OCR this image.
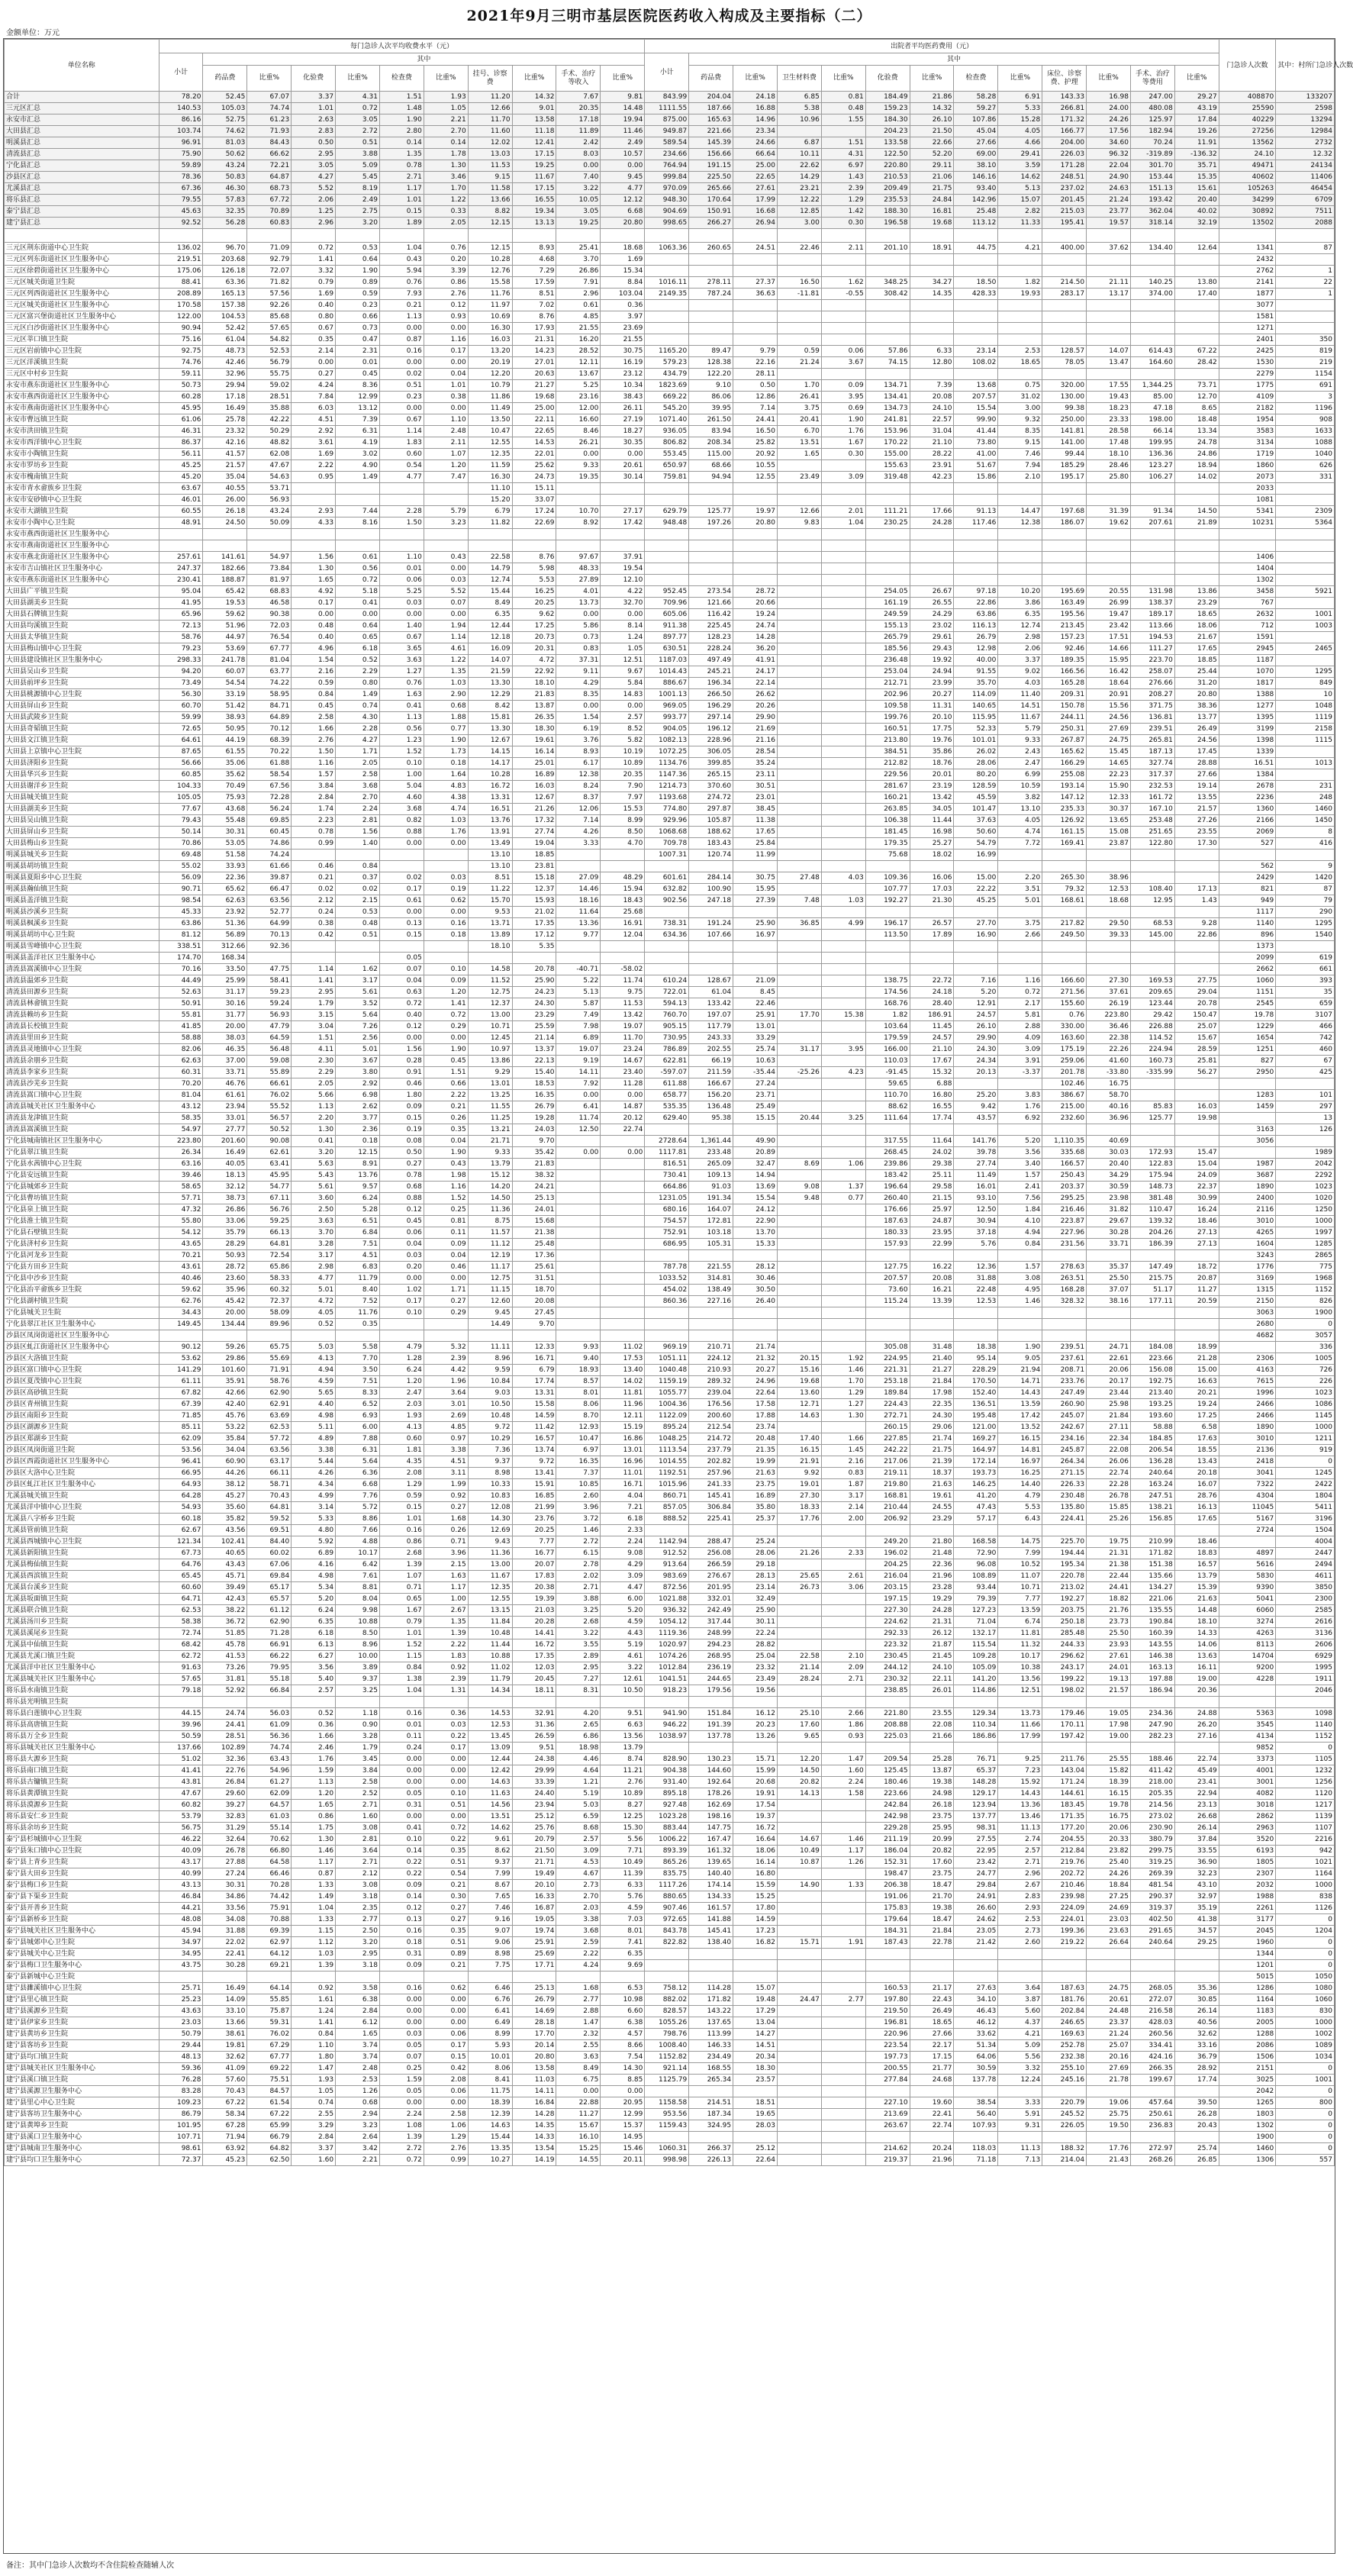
2021年9月三明市基层医院医药收入构成及主要指标（二）
金额单位：万元
单位名称	每门急诊人次平均收费水平（元）											出院者平均医药费用（元）													门急诊人次数	其中：村所门急诊人次数
	小计	其中										小计	其中													
		药品费	比重%	化验费	比重%	检查费	比重%	挂号、诊察费	比重%	手术、治疗等收入	比重%		药品费	比重%	卫生材料费	比重%	化验费	比重%	检查费	比重%	床位、诊察费、护理	比重%	手术、治疗等费用	比重%		
合计	78.20	52.45	67.07	3.37	4.31	1.51	1.93	11.20	14.32	7.67	9.81	843.99	204.04	24.18	6.85	0.81	184.49	21.86	58.28	6.91	143.33	16.98	247.00	29.27	408870	133207
三元区汇总	140.53	105.03	74.74	1.01	0.72	1.48	1.05	12.66	9.01	20.35	14.48	1111.55	187.66	16.88	5.38	0.48	159.23	14.32	59.27	5.33	266.81	24.00	480.08	43.19	25590	2598
永安市汇总	86.16	52.75	61.23	2.63	3.05	1.90	2.21	11.70	13.58	17.18	19.94	875.00	165.63	14.96	10.96	1.55	184.30	26.10	107.86	15.28	171.32	24.26	125.97	17.84	40229	13294
大田县汇总	103.74	74.62	71.93	2.83	2.72	2.80	2.70	11.60	11.18	11.89	11.46	949.87	221.66	23.34			204.23	21.50	45.04	4.05	166.77	17.56	182.94	19.26	27256	12984
明溪县汇总	96.91	81.03	84.43	0.50	0.51	0.14	0.14	12.02	12.41	2.42	2.49	589.54	145.39	24.66	6.87	1.51	133.58	22.66	27.66	4.66	204.00	34.60	70.24	11.91	13562	2732
清流县汇总	75.90	50.62	66.62	2.95	3.88	1.35	1.78	13.03	17.15	8.03	10.57	234.66	156.66	66.64	10.11	4.31	122.50	52.20	69.00	29.41	226.03	96.32	-319.89	-136.32	24.10	12.32
宁化县汇总	59.89	43.24	72.21	3.05	5.09	0.78	1.30	11.53	19.25	0.00	0.00	764.94	191.15	25.00	22.62	6.97	220.80	29.11	38.10	3.59	171.28	22.04	301.70	35.71	49471	24134
沙县区汇总	78.36	50.83	64.87	4.27	5.45	2.71	3.46	9.15	11.67	7.40	9.45	999.84	225.50	22.65	14.29	1.43	210.53	21.06	146.16	14.62	248.51	24.90	153.44	15.35	40602	11406
尤溪县汇总	67.36	46.30	68.73	5.52	8.19	1.17	1.70	11.58	17.15	3.22	4.77	970.09	265.66	27.61	23.21	2.39	209.49	21.75	93.40	5.13	237.02	24.63	151.13	15.61	105263	46454
将乐县汇总	79.55	57.83	67.72	2.06	2.49	1.01	1.22	13.66	16.55	10.05	12.12	948.30	170.64	17.99	12.22	1.29	235.53	24.84	142.96	15.07	201.45	21.24	193.42	20.40	34299	6709
泰宁县汇总	45.63	32.35	70.89	1.25	2.75	0.15	0.33	8.82	19.34	3.05	6.68	904.69	150.91	16.68	12.85	1.42	188.30	16.81	25.48	2.82	215.03	23.77	362.04	40.02	30892	7511
建宁县汇总	92.52	56.28	60.83	2.96	3.20	1.89	2.05	12.15	13.13	19.25	20.80	998.65	266.27	26.94	3.00	0.30	196.58	19.68	113.12	11.33	195.41	19.57	318.14	32.19	13502	2088

三元区荆东街道中心卫生院	136.02	96.70	71.09	0.72	0.53	1.04	0.76	12.15	8.93	25.41	18.68	1063.36	260.65	24.51	22.46	2.11	201.10	18.91	44.75	4.21	400.00	37.62	134.40	12.64	1341	87
三元区列东街道社区卫生服务中心	219.51	203.68	92.79	1.41	0.64	0.43	0.20	10.28	4.68	3.70	1.69														2432	
三元区徐碧街道社区卫生服务中心	175.06	126.18	72.07	3.32	1.90	5.94	3.39	12.76	7.29	26.86	15.34														2762	1
三元区城关街道卫生院	88.41	63.36	71.82	0.79	0.89	0.76	0.86	15.58	17.59	7.91	8.84	1016.11	278.11	27.37	16.50	1.62	348.25	34.27	18.50	1.82	214.50	21.11	140.25	13.80	2141	22
三元区列西街道社区卫生服务中心	208.89	165.13	57.56	1.69	0.59	7.93	2.76	11.76	8.51	2.96	103.04	2149.35	787.24	36.63	-11.81	-0.55	308.42	14.35	428.33	19.93	283.17	13.17	374.00	17.40	1877	1
三元区城关街道社区卫生服务中心	170.58	157.38	92.26	0.40	0.23	0.21	0.12	11.97	7.02	0.61	0.36														3077	
三元区富兴堡街道社区卫生服务中心	122.00	104.53	85.68	0.80	0.66	1.13	0.93	10.69	8.76	4.85	3.97														1581	
三元区白沙街道社区卫生服务中心	90.94	52.42	57.65	0.67	0.73	0.00	0.00	16.30	17.93	21.55	23.69														1271	
三元区莘口镇卫生院	75.16	61.04	54.82	0.35	0.47	0.87	1.16	16.03	21.31	16.20	21.55														2401	350
三元区岩前镇中心卫生院	92.75	48.73	52.53	2.14	2.31	0.16	0.17	13.20	14.23	28.52	30.75	1165.20	89.47	9.79	0.59	0.06	57.86	6.33	23.14	2.53	128.57	14.07	614.43	67.22	2425	819
三元区洋溪镇卫生院	74.76	42.46	56.79	0.00	0.01	0.00	0.00	20.19	27.01	12.11	16.19	579.23	128.38	22.16	21.24	3.67	74.15	12.80	108.02	18.65	78.05	13.47	164.60	28.42	1530	219
三元区中村乡卫生院	59.11	32.96	55.75	0.27	0.45	0.02	0.04	12.20	20.63	13.67	23.12	434.79	122.20	28.11											2279	1154
永安市燕东街道社区卫生服务中心	50.73	29.94	59.02	4.24	8.36	0.51	1.01	10.79	21.27	5.25	10.34	1823.69	9.10	0.50	1.70	0.09	134.71	7.39	13.68	0.75	320.00	17.55	1,344.25	73.71	1775	691
永安市燕西街道社区卫生服务中心	60.28	17.18	28.51	7.84	12.99	0.23	0.38	11.86	19.68	23.16	38.43	669.22	86.06	12.86	26.41	3.95	134.41	20.08	207.57	31.02	130.00	19.43	85.00	12.70	4109	3
永安市燕南街道社区卫生服务中心	45.95	16.49	35.88	6.03	13.12	0.00	0.00	11.49	25.00	12.00	26.11	545.20	39.95	7.14	3.75	0.69	134.73	24.10	15.54	3.00	99.38	18.23	47.18	8.65	2182	1196
永安市曹远镇卫生院	61.06	25.78	42.22	4.51	7.39	0.67	1.10	13.50	22.11	16.60	27.19	1071.40	261.50	24.41	20.41	1.90	241.81	22.57	99.90	9.32	250.00	23.33	198.00	18.48	1954	908
永安市洪田镇卫生院	46.31	23.32	50.29	2.92	6.31	1.14	2.48	10.47	22.65	8.46	18.27	936.05	83.94	16.50	6.70	1.76	153.96	31.04	41.44	8.35	141.81	28.58	66.14	13.34	3583	1633
永安市西洋镇中心卫生院	86.37	42.16	48.82	3.61	4.19	1.83	2.11	12.55	14.53	26.21	30.35	806.82	208.34	25.82	13.51	1.67	170.22	21.10	73.80	9.15	141.00	17.48	199.95	24.78	3134	1088
永安市小陶镇卫生院	56.11	41.57	62.08	1.69	3.02	0.60	1.07	12.35	22.01	0.00	0.00	553.45	115.00	20.92	1.65	0.30	155.00	28.22	41.00	7.46	99.44	18.10	136.36	24.86	1719	1040
永安市罗坊乡卫生院	45.25	21.57	47.67	2.22	4.90	0.54	1.20	11.59	25.62	9.33	20.61	650.97	68.66	10.55			155.63	23.91	51.67	7.94	185.29	28.46	123.27	18.94	1860	626
永安市槐南镇卫生院	45.20	35.04	54.63	0.95	1.49	4.77	7.47	16.30	24.73	19.35	30.14	759.81	94.94	12.55	23.49	3.09	319.48	42.23	15.86	2.10	195.17	25.80	106.27	14.02	2073	331
永安市青水畲族乡卫生院	63.67	40.55	53.71					11.10	15.11																2033	
永安市安砂镇中心卫生院	46.01	26.00	56.93					15.20	33.07																1081	
永安市大湖镇卫生院	60.55	26.18	43.24	2.93	7.44	2.28	5.79	6.79	17.24	10.70	27.17	629.79	125.77	19.97	12.66	2.01	111.21	17.66	91.13	14.47	197.68	31.39	91.34	14.50	5341	2309
永安市小陶中心卫生院	48.91	24.50	50.09	4.33	8.16	1.50	3.23	11.82	22.69	8.92	17.42	948.48	197.26	20.80	9.83	1.04	230.25	24.28	117.46	12.38	186.07	19.62	207.61	21.89	10231	5364
永安市燕西街道社区卫生服务中心																										
永安市燕南街道社区卫生服务中心																										
永安市燕北街道社区卫生服务中心	257.61	141.61	54.97	1.56	0.61	1.10	0.43	22.58	8.76	97.67	37.91														1406	
永安市吉山镇社区卫生服务中心	247.37	182.66	73.84	1.30	0.56	0.01	0.00	14.79	5.98	48.33	19.54														1404	
永安市燕东街道社区卫生服务中心	230.41	188.87	81.97	1.65	0.72	0.06	0.03	12.74	5.53	27.89	12.10														1302	
大田县广平镇卫生院	95.04	65.42	68.83	4.92	5.18	5.25	5.52	15.44	16.25	4.01	4.22	952.45	273.54	28.72			254.05	26.67	97.18	10.20	195.69	20.55	131.98	13.86	3458	5921
大田县湖美乡卫生院	41.95	19.53	46.58	0.17	0.41	0.03	0.07	8.49	20.25	13.73	32.70	709.96	121.66	20.66			161.19	26.55	22.86	3.86	163.49	26.99	138.37	23.29	767	
大田县石牌镇卫生院	65.96	59.62	90.38	0.00	0.00	0.00	0.00	6.35	9.62	0.00	0.00	605.06	116.42	19.24			249.59	24.29	63.86	6.35	195.56	19.47	189.17	18.65	2632	1001
大田县均溪镇卫生院	72.13	51.96	72.03	0.48	0.64	1.40	1.94	12.44	17.25	5.86	8.14	911.38	225.45	24.74			155.13	23.02	116.13	12.74	213.45	23.42	113.66	18.06	712	1003
大田县太华镇卫生院	58.76	44.97	76.54	0.40	0.65	0.67	1.14	12.18	20.73	0.73	1.24	897.77	128.23	14.28			265.79	29.61	26.79	2.98	157.23	17.51	194.53	21.67	1591	
大田县梅山镇中心卫生院	79.23	53.69	67.77	4.96	6.18	3.65	4.61	16.09	20.31	0.83	1.05	630.51	228.24	36.20			185.56	29.43	12.98	2.06	92.46	14.66	111.27	17.65	2945	2465
大田县建设镇社区卫生服务中心	298.33	241.78	81.04	1.54	0.52	3.63	1.22	14.07	4.72	37.31	12.51	1187.03	497.49	41.91			236.48	19.92	40.00	3.37	189.35	15.95	223.70	18.85	1187	
大田县吴山乡卫生院	94.20	60.07	63.77	2.16	2.29	1.27	1.35	21.59	22.92	9.11	9.67	1014.43	245.21	24.17			253.04	24.94	91.55	9.02	166.56	16.42	258.07	25.44	1070	1295
大田县前坪乡卫生院	73.49	54.54	74.22	0.59	0.80	0.76	1.03	13.30	18.10	4.29	5.84	886.67	196.34	22.14			212.71	23.99	35.70	4.03	165.28	18.64	276.66	31.20	1817	849
大田县桃源镇中心卫生院	56.30	33.19	58.95	0.84	1.49	1.63	2.90	12.29	21.83	8.35	14.83	1001.13	266.50	26.62			202.96	20.27	114.09	11.40	209.31	20.91	208.27	20.80	1388	10
大田县屏山乡卫生院	60.70	51.42	84.71	0.45	0.74	0.41	0.68	8.42	13.87	0.00	0.00	969.05	196.29	20.26			109.58	11.31	140.65	14.51	150.78	15.56	371.75	38.36	1277	1048
大田县武陵乡卫生院	59.99	38.93	64.89	2.58	4.30	1.13	1.88	15.81	26.35	1.54	2.57	993.77	297.14	29.90			199.76	20.10	115.95	11.67	244.11	24.56	136.81	13.77	1395	1119
大田县奇韬镇卫生院	72.65	50.95	70.12	1.66	2.28	0.56	0.77	13.30	18.30	6.19	8.52	904.05	196.12	21.69			160.51	17.75	52.33	5.79	250.31	27.69	239.51	26.49	3199	2158
大田县文江镇卫生院	64.61	44.19	68.39	2.76	4.27	1.23	1.90	12.67	19.61	3.76	5.82	1082.13	228.96	21.16			213.80	19.76	101.01	9.33	267.87	24.75	265.81	24.56	1398	1115
大田县上京镇中心卫生院	87.65	61.55	70.22	1.50	1.71	1.52	1.73	14.15	16.14	8.93	10.19	1072.25	306.05	28.54			384.51	35.86	26.02	2.43	165.62	15.45	187.13	17.45	1339	
大田县济阳乡卫生院	56.66	35.06	61.88	1.16	2.05	0.10	0.18	14.17	25.01	6.17	10.89	1134.76	399.85	35.24			212.82	18.76	28.06	2.47	166.29	14.65	327.74	28.88	16.51	1013
大田县华兴乡卫生院	60.85	35.62	58.54	1.57	2.58	1.00	1.64	10.28	16.89	12.38	20.35	1147.36	265.15	23.11			229.56	20.01	80.20	6.99	255.08	22.23	317.37	27.66	1384	
大田县谢洋乡卫生院	104.33	70.49	67.56	3.84	3.68	5.04	4.83	16.72	16.03	8.24	7.90	1214.73	370.60	30.51			281.67	23.19	128.59	10.59	193.14	15.90	232.53	19.14	2678	231
大田县城关镇卫生院	105.05	75.93	72.28	2.84	2.70	4.60	4.38	13.31	12.67	8.37	7.97	1193.68	274.72	23.01			160.21	13.42	45.59	3.82	147.12	12.33	161.72	13.55	2236	248
大田县湖美乡卫生院	77.67	43.68	56.24	1.74	2.24	3.68	4.74	16.51	21.26	12.06	15.53	774.80	297.87	38.45			263.85	34.05	101.47	13.10	235.33	30.37	167.10	21.57	1360	1460
大田县吴山镇卫生院	79.43	55.48	69.85	2.23	2.81	0.82	1.03	13.76	17.32	7.14	8.99	929.96	105.87	11.38			106.38	11.44	37.63	4.05	126.92	13.65	253.48	27.26	2166	1450
大田县屏山乡卫生院	50.14	30.31	60.45	0.78	1.56	0.88	1.76	13.91	27.74	4.26	8.50	1068.68	188.62	17.65			181.45	16.98	50.60	4.74	161.15	15.08	251.65	23.55	2069	8
大田县梅山乡卫生院	70.86	53.05	74.86	0.99	1.40	0.00	0.00	13.49	19.04	3.33	4.70	709.78	183.43	25.84			179.35	25.27	54.79	7.72	169.41	23.87	122.80	17.30	527	416
明溪县城关乡卫生院	69.48	51.58	74.24					13.10	18.85			1007.31	120.74	11.99			75.68	18.02	16.99							
明溪县胡坊镇卫生院	55.02	33.93	61.66	0.46	0.84			13.10	23.81																562	9
明溪县夏阳乡中心卫生院	56.09	22.36	39.87	0.21	0.37	0.02	0.03	8.51	15.18	27.09	48.29	601.61	284.14	30.75	27.48	4.03	109.36	16.06	15.00	2.20	265.30	38.96			2429	1420
明溪县瀚仙镇卫生院	90.71	65.62	66.47	0.02	0.02	0.17	0.19	11.22	12.37	14.46	15.94	632.82	100.90	15.95			107.77	17.03	22.22	3.51	79.32	12.53	108.40	17.13	821	87
明溪县盖洋镇卫生院	98.54	62.63	63.56	2.12	2.15	0.61	0.62	15.70	15.93	18.16	18.43	902.56	247.18	27.39	7.48	1.03	192.27	21.30	45.25	5.01	168.61	18.68	12.95	1.43	949	79
明溪县沙溪乡卫生院	45.33	23.92	52.77	0.24	0.53	0.00	0.00	9.53	21.02	11.64	25.68														1117	290
明溪县枫溪乡卫生院	63.86	51.36	64.99	0.38	0.48	0.13	0.16	13.71	17.35	13.36	16.91	738.31	191.24	25.90	36.85	4.99	196.17	26.57	27.70	3.75	217.82	29.50	68.53	9.28	1140	1295
明溪县胡坊中心卫生院	81.12	56.89	70.13	0.42	0.51	0.15	0.18	13.89	17.12	9.77	12.04	634.36	107.66	16.97			113.50	17.89	16.90	2.66	249.50	39.33	145.00	22.86	896	1540
明溪县雪峰镇中心卫生院	338.51	312.66	92.36					18.10	5.35																1373	
明溪县盖洋社区卫生服务中心	174.70	168.34				0.05																			2099	619
清流县嵩溪镇中心卫生院	70.16	33.50	47.75	1.14	1.62	0.07	0.10	14.58	20.78	-40.71	-58.02														2662	661
清流县温郊乡卫生院	44.49	25.99	58.41	1.41	3.17	0.04	0.09	11.52	25.90	5.22	11.74	610.24	128.67	21.09			138.75	22.72	7.16	1.16	166.60	27.30	169.53	27.75	1060	393
清流县田源乡卫生院	52.63	31.17	59.23	2.95	5.61	0.63	1.20	12.75	24.23	5.13	9.75	722.01	61.04	8.45			174.56	24.18	5.20	0.72	271.56	37.61	209.65	29.04	1151	35
清流县林畲镇卫生院	50.91	30.16	59.24	1.79	3.52	0.72	1.41	12.37	24.30	5.87	11.53	594.13	133.42	22.46			168.76	28.40	12.91	2.17	155.60	26.19	123.44	20.78	2545	659
清流县赖坊乡卫生院	55.81	31.77	56.93	3.15	5.64	0.40	0.72	13.00	23.29	7.49	13.42	760.70	197.07	25.91	17.70	15.38	1.82	186.91	24.57	5.81	0.76	223.80	29.42	150.47	19.78	3107
清流县长校镇卫生院	41.85	20.00	47.79	3.04	7.26	0.12	0.29	10.71	25.59	7.98	19.07	905.15	117.79	13.01			103.64	11.45	26.10	2.88	330.00	36.46	226.88	25.07	1229	466
清流县里田乡卫生院	58.88	38.03	64.59	1.51	2.56	0.00	0.00	12.45	21.14	6.89	11.70	730.95	243.33	33.29			179.59	24.57	29.90	4.09	163.60	22.38	114.52	15.67	1654	742
清流县灵地镇中心卫生院	82.06	46.35	56.48	4.11	5.01	1.56	1.90	10.97	13.37	19.07	23.24	786.89	202.55	25.74	31.17	3.95	166.00	21.10	24.30	3.09	175.19	22.26	224.94	28.59	1251	460
清流县余朋乡卫生院	62.63	37.00	59.08	2.30	3.67	0.28	0.45	13.86	22.13	9.19	14.67	622.81	66.19	10.63			110.03	17.67	24.34	3.91	259.06	41.60	160.73	25.81	827	67
清流县李家乡卫生院	60.31	33.71	55.89	2.29	3.80	0.91	1.51	9.29	15.40	14.11	23.40	-597.07	211.59	-35.44	-25.26	4.23	-91.45	15.32	20.13	-3.37	201.78	-33.80	-335.99	56.27	2950	425
清流县沙芜乡卫生院	70.20	46.76	66.61	2.05	2.92	0.46	0.66	13.01	18.53	7.92	11.28	611.88	166.67	27.24			59.65	6.88			102.46	16.75				
清流县嵩口镇中心卫生院	81.04	61.61	76.02	5.66	6.98	1.80	2.22	13.25	16.35	0.00	0.00	658.77	156.20	23.71			110.70	16.80	25.20	3.83	386.67	58.70			1283	101
清流县城关社区卫生服务中心	43.12	23.94	55.52	1.13	2.62	0.09	0.21	11.55	26.79	6.41	14.87	535.35	136.48	25.49			88.62	16.55	9.42	1.76	215.00	40.16	85.83	16.03	1459	297
清流县龙津镇卫生院	58.35	33.01	56.57	2.20	3.77	0.15	0.26	11.25	19.28	11.74	20.12	629.40	95.38	15.15	20.44	3.25	111.64	17.74	43.57	6.92	232.60	36.96	125.77	19.98		13
清流县嵩溪镇卫生院	54.97	27.77	50.52	1.30	2.36	0.19	0.35	13.21	24.03	12.50	22.74														3163	126
宁化县城南镇社区卫生服务中心	223.80	201.60	90.08	0.41	0.18	0.08	0.04	21.71	9.70			2728.64	1,361.44	49.90			317.55	11.64	141.76	5.20	1,110.35	40.69			3056	
宁化县翠江镇卫生院	26.34	16.49	62.61	3.20	12.15	0.50	1.90	9.33	35.42	0.00	0.00	1117.81	233.48	20.89			268.45	24.02	39.78	3.56	335.68	30.03	172.93	15.47		1989
宁化县水茜镇中心卫生院	63.16	40.05	63.41	5.63	8.91	0.27	0.43	13.79	21.83			816.51	265.09	32.47	8.69	1.06	239.86	29.38	27.74	3.40	166.57	20.40	122.83	15.04	1987	2042
宁化县安远镇卫生院	39.46	18.13	45.95	5.43	13.76	0.78	1.98	15.12	38.32			730.41	109.13	14.94			183.42	25.11	11.49	1.57	250.43	34.29	175.94	24.09	3687	2292
宁化县城郊乡卫生院	58.65	32.12	54.77	5.61	9.57	0.68	1.16	14.20	24.21			664.86	91.03	13.69	9.08	1.37	196.64	29.58	16.01	2.41	203.37	30.59	148.73	22.37	1890	1023
宁化县曹坊镇卫生院	57.71	38.73	67.11	3.60	6.24	0.88	1.52	14.50	25.13			1231.05	191.34	15.54	9.48	0.77	260.40	21.15	93.10	7.56	295.25	23.98	381.48	30.99	2400	1020
宁化县泉上镇卫生院	47.32	26.86	56.76	2.50	5.28	0.12	0.25	11.36	24.01			680.16	164.07	24.12			176.66	25.97	12.50	1.84	216.46	31.82	110.47	16.24	2116	1250
宁化县淮土镇卫生院	55.80	33.06	59.25	3.63	6.51	0.45	0.81	8.75	15.68			754.57	172.81	22.90			187.63	24.87	30.94	4.10	223.87	29.67	139.32	18.46	3010	1000
宁化县石壁镇卫生院	54.12	35.79	66.13	3.70	6.84	0.06	0.11	11.57	21.38			752.91	103.18	13.70			180.33	23.95	37.18	4.94	227.96	30.28	204.26	27.13	4265	1997
宁化县济村乡卫生院	43.65	28.29	64.81	3.28	7.51	0.04	0.09	11.12	25.48			686.95	105.31	15.33			157.93	22.99	5.76	0.84	231.56	33.71	186.39	27.13	1604	1285
宁化县河龙乡卫生院	70.21	50.93	72.54	3.17	4.51	0.03	0.04	12.19	17.36																3243	2865
宁化县方田乡卫生院	43.61	28.72	65.86	2.98	6.83	0.20	0.46	11.17	25.61			787.78	221.55	28.12			127.75	16.22	12.36	1.57	278.63	35.37	147.49	18.72	1776	775
宁化县中沙乡卫生院	40.46	23.60	58.33	4.77	11.79	0.00	0.00	12.75	31.51			1033.52	314.81	30.46			207.57	20.08	31.88	3.08	263.51	25.50	215.75	20.87	3169	1968
宁化县治平畲族乡卫生院	59.62	35.96	60.32	5.01	8.40	1.02	1.71	11.15	18.70			454.02	138.49	30.50			73.60	16.21	22.48	4.95	168.28	37.07	51.17	11.27	1315	1152
宁化县湖村镇卫生院	62.76	45.42	72.37	4.72	7.52	0.17	0.27	12.60	20.08			860.36	227.16	26.40			115.24	13.39	12.53	1.46	328.32	38.16	177.11	20.59	2150	826
宁化县城关卫生院	34.43	20.00	58.09	4.05	11.76	0.10	0.29	9.45	27.45																3063	1900
宁化县翠江社区卫生服务中心	149.45	134.44	89.96	0.52	0.35			14.49	9.70																2680	0
沙县区凤岗街道社区卫生服务中心																									4682	3057
沙县区虬江街道社区卫生服务中心	90.12	59.26	65.75	5.03	5.58	4.79	5.32	11.11	12.33	9.93	11.02	969.19	210.71	21.74			305.08	31.48	18.38	1.90	239.51	24.71	184.08	18.99		336
沙县区大洛镇卫生院	53.62	29.86	55.69	4.13	7.70	1.28	2.39	8.96	16.71	9.40	17.53	1051.11	224.12	21.32	20.15	1.92	224.95	21.40	95.14	9.05	237.61	22.61	223.66	21.28	2306	1005
沙县区富口镇中心卫生院	141.29	101.60	71.91	4.94	3.50	6.24	4.42	9.59	6.79	18.93	13.40	1040.48	210.93	20.27	15.16	1.46	221.31	21.27	228.29	21.94	208.71	20.06	156.08	15.00	4163	726
沙县区夏茂镇中心卫生院	61.11	35.91	58.76	4.59	7.51	1.20	1.96	10.84	17.74	8.57	14.02	1159.19	289.32	24.96	19.68	1.70	253.18	21.84	170.50	14.71	233.76	20.17	192.75	16.63	7615	226
沙县区高砂镇卫生院	67.82	42.66	62.90	5.65	8.33	2.47	3.64	9.03	13.31	8.01	11.81	1055.77	239.04	22.64	13.60	1.29	189.84	17.98	152.40	14.43	247.49	23.44	213.40	20.21	1996	1023
沙县区青州镇卫生院	67.39	42.40	62.91	4.40	6.52	2.03	3.01	10.50	15.58	8.06	11.96	1004.36	176.56	17.58	12.71	1.27	224.43	22.35	136.51	13.59	260.90	25.98	193.25	19.24	2466	1086
沙县区南阳乡卫生院	71.85	45.76	63.69	4.98	6.93	1.93	2.69	10.48	14.59	8.70	12.11	1122.09	200.60	17.88	14.63	1.30	272.71	24.30	195.48	17.42	245.07	21.84	193.60	17.25	2466	1145
沙县区湖源乡卫生院	85.11	53.22	62.53	5.11	6.00	4.13	4.85	9.72	11.42	12.93	15.19	895.24	212.54	23.74			260.15	29.06	121.00	13.52	242.67	27.11	58.88	6.58	1890	1000
沙县区郑湖乡卫生院	62.09	35.84	57.72	4.89	7.88	0.60	0.97	10.29	16.57	10.47	16.86	1048.25	214.72	20.48	17.40	1.66	227.85	21.74	169.27	16.15	234.16	22.34	184.85	17.63	3010	1211
沙县区凤岗街道卫生院	53.56	34.04	63.56	3.38	6.31	1.81	3.38	7.36	13.74	6.97	13.01	1113.54	237.79	21.35	16.15	1.45	242.22	21.75	164.97	14.81	245.87	22.08	206.54	18.55	2136	919
沙县区西霞街道社区卫生服务中心	96.41	60.90	63.17	5.44	5.64	4.35	4.51	9.37	9.72	16.35	16.96	1014.55	202.82	19.99	21.91	2.16	217.06	21.39	172.14	16.97	264.34	26.06	136.28	13.43	2418	0
沙县区大洛中心卫生院	66.95	44.26	66.11	4.26	6.36	2.08	3.11	8.98	13.41	7.37	11.01	1192.51	257.96	21.63	9.92	0.83	219.11	18.37	193.73	16.25	271.15	22.74	240.64	20.18	3041	1245
沙县区虬江社区卫生服务中心	64.93	38.12	58.71	4.34	6.68	1.29	1.99	10.33	15.91	10.85	16.71	1015.96	241.33	23.75	19.01	1.87	219.80	21.63	146.25	14.40	226.33	22.28	163.24	16.07	7322	2422
尤溪县城关镇卫生院	64.28	45.27	70.43	4.99	7.76	0.59	0.92	10.83	16.85	2.60	4.04	860.71	145.41	16.89	27.30	3.17	168.81	19.61	41.20	4.79	230.48	26.78	247.51	28.76	4304	1804
尤溪县洋中镇中心卫生院	54.93	35.60	64.81	3.14	5.72	0.15	0.27	12.08	21.99	3.96	7.21	857.05	306.84	35.80	18.33	2.14	210.44	24.55	47.43	5.53	135.80	15.85	138.21	16.13	11045	5411
尤溪县八字桥乡卫生院	60.18	35.82	59.52	5.33	8.86	1.01	1.68	14.30	23.76	3.72	6.18	888.52	225.41	25.37	17.76	2.00	206.92	23.29	57.17	6.43	224.41	25.26	156.85	17.65	5167	3196
尤溪县管前镇卫生院	62.67	43.56	69.51	4.80	7.66	0.16	0.26	12.69	20.25	1.46	2.33														2724	1504
尤溪县西城镇中心卫生院	121.34	102.41	84.40	5.92	4.88	0.86	0.71	9.43	7.77	2.72	2.24	1142.94	288.47	25.24			249.20	21.80	168.58	14.75	225.70	19.75	210.99	18.46		4004
尤溪县新阳镇卫生院	67.73	40.65	60.02	6.89	10.17	2.68	3.96	11.36	16.77	6.15	9.08	912.52	256.08	28.06	21.26	2.33	196.02	21.48	72.90	7.99	194.44	21.31	171.82	18.83	4897	2447
尤溪县梅仙镇卫生院	64.76	43.43	67.06	4.16	6.42	1.39	2.15	13.00	20.07	2.78	4.29	913.64	266.59	29.18			204.25	22.36	96.08	10.52	195.34	21.38	151.38	16.57	5616	2494
尤溪县西滨镇卫生院	65.45	45.71	69.84	4.98	7.61	1.07	1.63	11.67	17.83	2.02	3.09	983.69	276.67	28.13	25.65	2.61	216.04	21.96	108.89	11.07	220.78	22.44	135.66	13.79	5830	4611
尤溪县台溪乡卫生院	60.60	39.49	65.17	5.34	8.81	0.71	1.17	12.35	20.38	2.71	4.47	872.56	201.95	23.14	26.73	3.06	203.15	23.28	93.44	10.71	213.02	24.41	134.27	15.39	9390	3850
尤溪县坂面镇卫生院	64.71	42.43	65.57	5.20	8.04	0.65	1.00	12.55	19.39	3.88	6.00	1021.88	332.01	32.49			197.15	19.29	79.39	7.77	192.27	18.82	221.06	21.63	5041	2300
尤溪县联合镇卫生院	62.53	38.22	61.12	6.24	9.98	1.67	2.67	13.15	21.03	3.25	5.20	936.32	242.49	25.90			227.30	24.28	127.23	13.59	203.75	21.76	135.55	14.48	6060	2585
尤溪县汤川乡卫生院	58.38	36.72	62.90	6.35	10.88	0.79	1.35	11.84	20.28	2.68	4.59	1054.12	317.44	30.11			224.62	21.31	71.04	6.74	250.18	23.73	190.84	18.10	3274	2616
尤溪县溪尾乡卫生院	72.74	51.85	71.28	6.18	8.50	1.01	1.39	10.48	14.41	3.22	4.43	1119.36	248.99	22.24			292.33	26.12	132.17	11.81	285.48	25.50	160.39	14.33	4263	3136
尤溪县中仙镇卫生院	68.42	45.78	66.91	6.13	8.96	1.52	2.22	11.44	16.72	3.55	5.19	1020.97	294.23	28.82			223.32	21.87	115.54	11.32	244.33	23.93	143.55	14.06	8113	2606
尤溪县尤溪口镇卫生院	62.72	41.53	66.22	6.27	10.00	1.15	1.83	10.88	17.35	2.89	4.61	1074.26	268.95	25.04	22.58	2.10	230.45	21.45	109.28	10.17	296.62	27.61	146.38	13.63	14704	6929
尤溪县洋中社区卫生服务中心	91.63	73.26	79.95	3.56	3.89	0.84	0.92	11.02	12.03	2.95	3.22	1012.84	236.19	23.32	21.14	2.09	244.12	24.10	105.09	10.38	243.17	24.01	163.13	16.11	9200	1995
尤溪县城关社区卫生服务中心	57.65	31.81	55.18	5.40	9.37	1.38	2.39	11.79	20.45	7.27	12.61	1041.51	244.65	23.49	28.24	2.71	230.32	22.11	141.20	13.56	199.22	19.13	197.88	19.00	4228	1911
将乐县水南镇卫生院	79.18	52.92	66.84	2.57	3.25	1.04	1.31	14.34	18.11	8.31	10.50	918.23	179.56	19.56			238.85	26.01	114.86	12.51	198.02	21.57	186.94	20.36		2046
将乐县光明镇卫生院																										
将乐县白莲镇中心卫生院	44.15	24.74	56.03	0.52	1.18	0.16	0.36	14.53	32.91	4.20	9.51	941.90	151.84	16.12	25.10	2.66	221.80	23.55	129.34	13.73	179.46	19.05	234.36	24.88	5363	1098
将乐县高唐镇卫生院	39.96	24.41	61.09	0.36	0.90	0.01	0.03	12.53	31.36	2.65	6.63	946.22	191.39	20.23	17.60	1.86	208.88	22.08	110.34	11.66	170.11	17.98	247.90	26.20	3545	1140
将乐县万全乡卫生院	50.59	28.51	56.36	1.66	3.28	0.11	0.22	13.45	26.59	6.86	13.56	1038.97	137.78	13.26	9.65	0.93	225.03	21.66	186.86	17.99	197.42	19.00	282.23	27.16	4134	1152
将乐县城关社区卫生服务中心	137.66	102.89	74.74	2.46	1.79	0.24	0.17	13.09	9.51	18.98	13.79														9852	0
将乐县大源乡卫生院	51.02	32.36	63.43	1.76	3.45	0.00	0.00	12.44	24.38	4.46	8.74	828.90	130.23	15.71	12.20	1.47	209.54	25.28	76.71	9.25	211.76	25.55	188.46	22.74	3373	1105
将乐县南口镇卫生院	41.41	22.76	54.96	1.59	3.84	0.00	0.00	12.42	29.99	4.64	11.21	904.38	144.60	15.99	14.50	1.60	125.45	13.87	65.37	7.23	143.04	15.82	411.42	45.49	4001	1232
将乐县古镛镇卫生院	43.81	26.84	61.27	1.13	2.58	0.00	0.00	14.63	33.39	1.21	2.76	931.40	192.64	20.68	20.82	2.24	180.46	19.38	148.28	15.92	171.24	18.39	218.00	23.41	3001	1256
将乐县黄潭镇卫生院	47.67	29.60	62.09	1.20	2.52	0.05	0.10	11.63	24.40	5.19	10.89	895.18	178.26	19.91	14.13	1.58	223.66	24.98	129.17	14.43	144.61	16.15	205.35	22.94	4082	1120
将乐县漠源乡卫生院	60.82	39.27	64.57	1.65	2.71	0.31	0.51	14.56	23.94	5.03	8.27	927.48	162.69	17.54			242.84	26.18	123.94	13.36	183.45	19.78	214.56	23.13	3018	1217
将乐县安仁乡卫生院	53.79	32.83	61.03	0.86	1.60	0.00	0.00	13.51	25.12	6.59	12.25	1023.28	198.16	19.37			242.98	23.75	137.77	13.46	171.35	16.75	273.02	26.68	2862	1139
将乐县余坊乡卫生院	56.75	31.29	55.14	1.75	3.08	0.41	0.72	14.62	25.76	8.68	15.30	883.44	147.75	16.72			229.28	25.95	98.31	11.13	177.20	20.06	230.90	26.14	2963	1107
泰宁县杉城镇中心卫生院	46.22	32.64	70.62	1.30	2.81	0.10	0.22	9.61	20.79	2.57	5.56	1006.22	167.47	16.64	14.67	1.46	211.19	20.99	27.55	2.74	204.55	20.33	380.79	37.84	3520	2216
泰宁县朱口镇中心卫生院	40.09	26.78	66.80	1.46	3.64	0.14	0.35	8.62	21.50	3.09	7.71	893.39	161.32	18.06	10.49	1.17	186.04	20.82	22.95	2.57	212.84	23.82	299.75	33.55	6193	942
泰宁县上青乡卫生院	43.17	27.88	64.58	1.17	2.71	0.22	0.51	9.37	21.71	4.53	10.49	865.26	139.65	16.14	10.87	1.26	152.31	17.60	23.42	2.71	219.76	25.40	319.25	36.90	1805	1021
泰宁县大田乡卫生院	40.99	27.24	66.46	0.87	2.12	0.22	0.54	7.99	19.49	4.67	11.39	835.75	140.40	16.80			198.47	23.75	24.77	2.96	202.72	24.26	269.39	32.23	2307	1164
泰宁县梅口乡卫生院	43.13	30.31	70.28	1.33	3.08	0.09	0.21	8.67	20.10	2.73	6.33	1117.26	174.14	15.59	14.90	1.33	206.38	18.47	29.84	2.67	210.46	18.84	481.54	43.10	2032	1000
泰宁县下渠乡卫生院	46.84	34.86	74.42	1.49	3.18	0.14	0.30	7.65	16.33	2.70	5.76	880.65	134.33	15.25			191.06	21.70	24.91	2.83	239.98	27.25	290.37	32.97	1988	838
泰宁县开善乡卫生院	44.21	33.56	75.91	1.04	2.35	0.12	0.27	7.46	16.87	2.03	4.59	907.46	161.57	17.80			175.83	19.38	26.60	2.93	224.09	24.69	319.37	35.19	2261	1126
泰宁县新桥乡卫生院	48.08	34.08	70.88	1.33	2.77	0.13	0.27	9.16	19.05	3.38	7.03	972.65	141.88	14.59			179.64	18.47	24.62	2.53	224.01	23.03	402.50	41.38	3177	0
泰宁县城关社区卫生服务中心	45.94	31.88	69.39	1.15	2.50	0.16	0.35	9.07	19.74	3.68	8.01	843.78	145.41	17.23			184.31	21.84	23.05	2.73	199.36	23.63	291.65	34.57	2045	1204
泰宁县城郊中心卫生院	34.97	22.02	62.97	1.12	3.20	0.18	0.51	9.06	25.91	2.59	7.41	822.82	138.40	16.82	15.71	1.91	187.43	22.78	21.42	2.60	219.22	26.64	240.64	29.25	1960	0
泰宁县城关中心卫生院	34.95	22.41	64.12	1.03	2.95	0.31	0.89	8.98	25.69	2.22	6.35														1344	0
泰宁县梅口卫生服务中心	43.75	30.28	69.21	1.39	3.18	0.09	0.21	7.75	17.71	4.24	9.69														1201	0
泰宁县新城中心卫生院																									5015	1050
建宁县濉溪镇中心卫生院	25.71	16.49	64.14	0.92	3.58	0.16	0.62	6.46	25.13	1.68	6.53	758.12	114.28	15.07			160.53	21.17	27.63	3.64	187.63	24.75	268.05	35.36	1286	1080
建宁县里心镇卫生院	25.23	14.09	55.85	1.61	6.38	0.00	0.00	6.76	26.79	2.77	10.98	882.02	171.82	19.48	24.47	2.77	197.80	22.43	34.10	3.87	181.76	20.61	272.07	30.85	1164	1060
建宁县溪源乡卫生院	43.63	33.10	75.87	1.24	2.84	0.00	0.00	6.41	14.69	2.88	6.60	828.57	143.22	17.29			219.50	26.49	46.43	5.60	202.84	24.48	216.58	26.14	1183	830
建宁县伊家乡卫生院	23.03	13.66	59.31	1.41	6.12	0.00	0.00	6.49	28.18	1.47	6.38	1055.26	137.65	13.04			196.81	18.65	46.12	4.37	246.65	23.37	428.03	40.56	2005	1000
建宁县黄坊乡卫生院	50.79	38.61	76.02	0.84	1.65	0.03	0.06	8.99	17.70	2.32	4.57	798.76	113.99	14.27			220.96	27.66	33.62	4.21	169.63	21.24	260.56	32.62	1288	1002
建宁县客坊乡卫生院	29.44	19.81	67.29	1.10	3.74	0.05	0.17	5.93	20.14	2.55	8.66	1008.40	146.33	14.51			223.54	22.17	51.34	5.09	252.78	25.07	334.41	33.16	2086	1089
建宁县均口镇卫生院	48.13	32.62	67.77	1.80	3.74	0.07	0.15	10.01	20.80	3.63	7.54	1152.82	234.49	20.34			197.73	17.15	64.06	5.56	232.38	20.16	424.16	36.79	1506	1034
建宁县城关社区卫生服务中心	59.36	41.09	69.22	1.47	2.48	0.25	0.42	8.06	13.58	8.49	14.30	921.14	168.55	18.30			200.55	21.77	30.59	3.32	255.10	27.69	266.35	28.92	2151	0
建宁县溪口镇卫生院	76.28	57.60	75.51	1.93	2.53	1.59	2.08	8.41	11.03	6.75	8.85	1125.79	265.34	23.57			277.84	24.68	137.78	12.24	245.16	21.78	199.67	17.74	3025	1001
建宁县溪源卫生服务中心	83.28	70.43	84.57	1.05	1.26	0.05	0.06	11.75	14.11	0.00	0.00														2042	0
建宁县里心中心卫生院	109.23	67.22	61.54	0.74	0.68	0.00	0.00	18.39	16.84	22.88	20.95	1158.58	214.51	18.51			227.10	19.60	38.54	3.33	220.79	19.06	457.64	39.50	1265	800
建宁县客坊卫生服务中心	86.79	58.34	67.22	2.55	2.94	2.24	2.58	12.39	14.28	11.27	12.99	953.56	187.34	19.65			213.69	22.41	56.40	5.91	245.52	25.75	250.61	26.28	1803	0
建宁县黄埠乡卫生院	101.95	67.28	65.99	3.29	3.23	1.08	1.06	14.63	14.35	15.67	15.37	1159.43	324.95	28.03			263.67	22.74	107.93	9.31	226.05	19.50	236.83	20.43	1302	0
建宁县溪口卫生服务中心	107.71	71.94	66.79	2.84	2.64	1.39	1.29	15.44	14.33	16.10	14.95														1900	0
建宁县城南卫生服务中心	98.61	63.92	64.82	3.37	3.42	2.72	2.76	13.35	13.54	15.25	15.46	1060.31	266.37	25.12			214.62	20.24	118.03	11.13	188.32	17.76	272.97	25.74	1460	0
建宁县均口卫生服务中心	72.37	45.23	62.50	1.60	2.21	0.72	0.99	10.27	14.19	14.55	20.11	998.98	226.13	22.64			219.37	21.96	71.18	7.13	214.04	21.43	268.26	26.85	1306	557
备注：其中门急诊人次数均不含住院检查随辅人次
